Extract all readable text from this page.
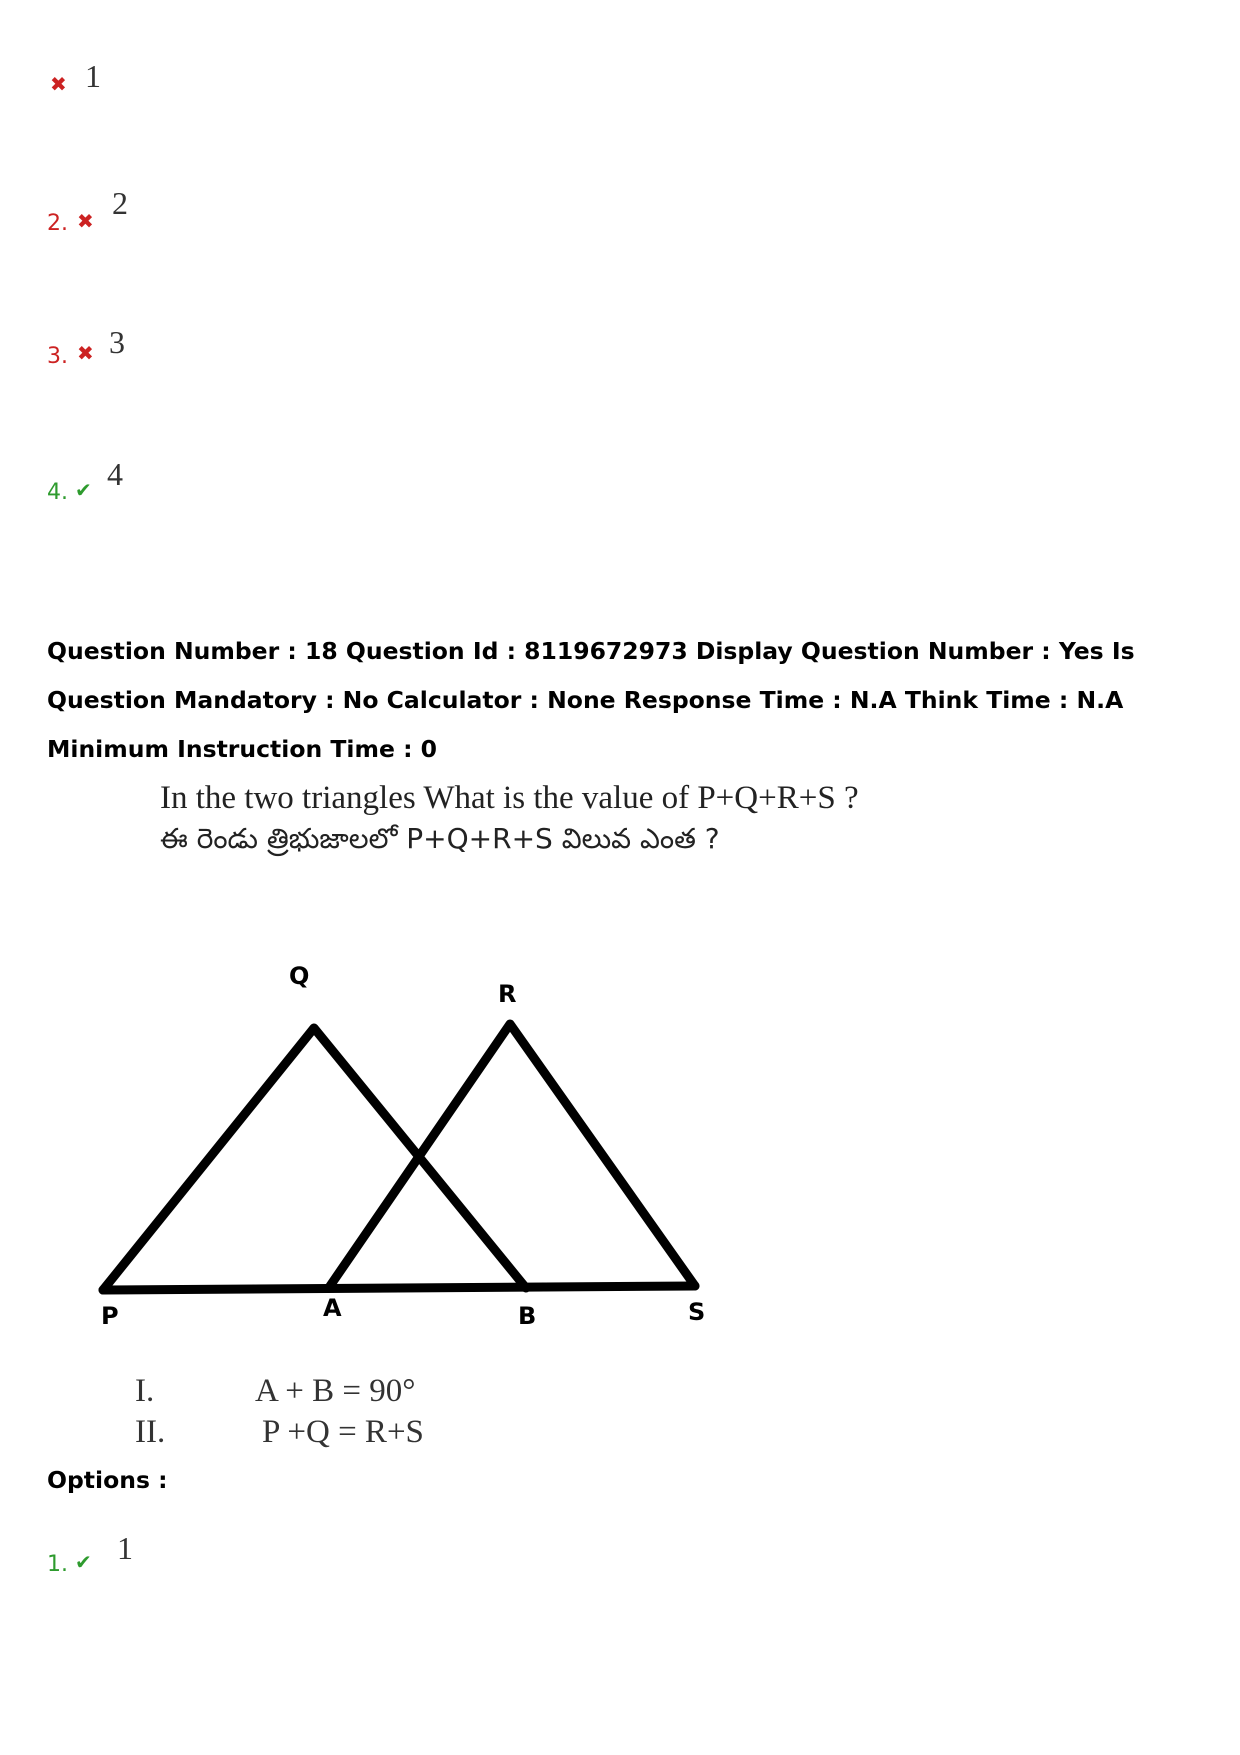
✖ 1
2. ✖ 2
3. ✖ 3
4. ✔ 4
Question Number : 18 Question Id : 8119672973 Display Question Number : Yes Is Question Mandatory : No Calculator : None Response Time : N.A Think Time : N.A Minimum Instruction Time : 0
In the two triangles What is the value of P+Q+R+S ?
ఈ రెండు త్రిభుజాలలో P+Q+R+S విలువ ఎంత ?
Q
R
P	A	B	S
I.	A + B = 90°
II.	P +Q = R+S
Options :
1. ✔ 1
